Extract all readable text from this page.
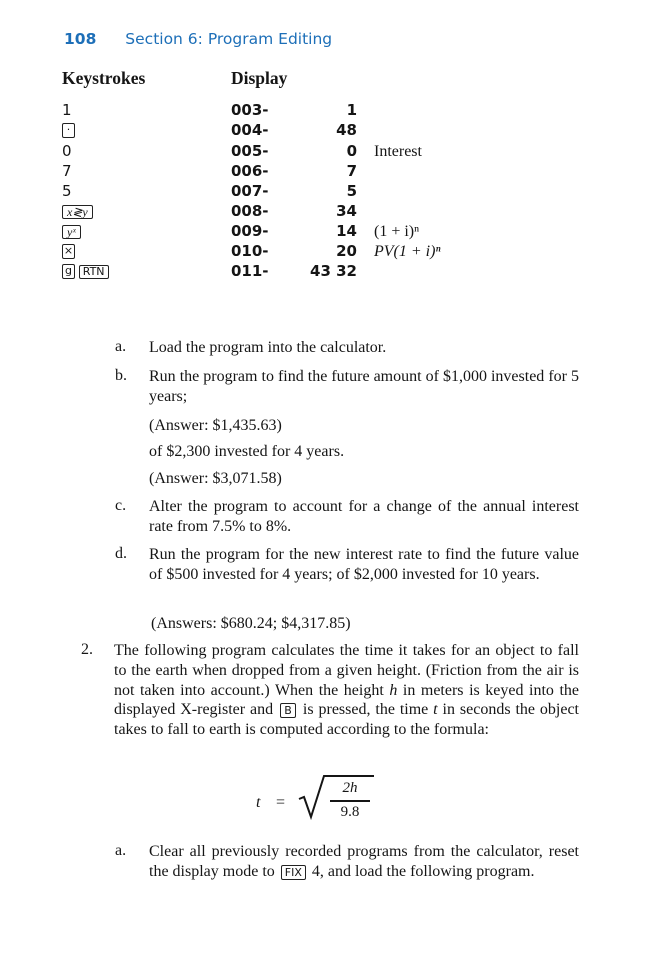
108 Section 6: Program Editing
Keystrokes	Display
1	003-	1
·	004-	48
0	005-	0 Interest
7	006-	7
5	007-	5
x≷y	008-	34
yˣ	009-	14 (1 + i)ⁿ
×	010-	20 PV(1 + i)ⁿ
g RTN	011-	43 32
a. Load the program into the calculator.
b. Run the program to find the future amount of $1,000 invested for 5 years;
(Answer: $1,435.63)
of $2,300 invested for 4 years.
(Answer: $3,071.58)
c. Alter the program to account for a change of the annual interest rate from 7.5% to 8%.
d. Run the program for the new interest rate to find the future value of $500 invested for 4 years; of $2,000 invested for 10 years.
(Answers: $680.24; $4,317.85)
2. The following program calculates the time it takes for an object to fall to the earth when dropped from a given height. (Friction from the air is not taken into account.) When the height h in meters is keyed into the displayed X-register and B is pressed, the time t in seconds the object takes to fall to earth is computed according to the formula:
t =
2h
9.8
a. Clear all previously recorded programs from the calculator, reset the display mode to FIX 4, and load the following program.
